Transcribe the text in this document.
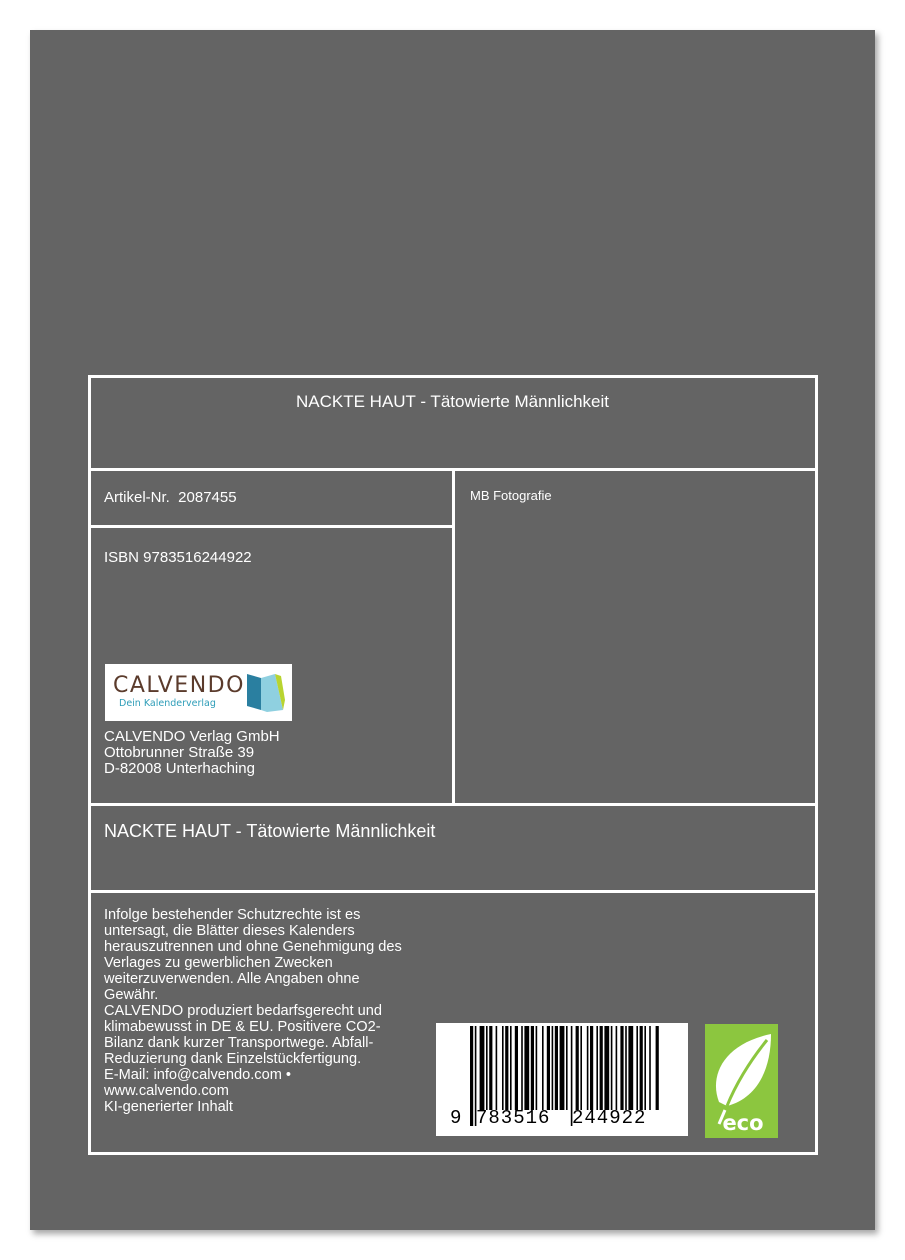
NACKTE HAUT - Tätowierte Männlichkeit
Artikel-Nr.  2087455	MB Fotografie
ISBN 9783516244922
CALVENDO
Dein Kalenderverlag
CALVENDO Verlag GmbH
Ottobrunner Straße 39
D-82008 Unterhaching
NACKTE HAUT - Tätowierte Männlichkeit
Infolge bestehender Schutzrechte ist es
untersagt, die Blätter dieses Kalenders
herauszutrennen und ohne Genehmigung des
Verlages zu gewerblichen Zwecken
weiterzuverwenden. Alle Angaben ohne
Gewähr.
CALVENDO produziert bedarfsgerecht und
klimabewusst in DE & EU. Positivere CO2-
Bilanz dank kurzer Transportwege. Abfall-
Reduzierung dank Einzelstückfertigung.
E-Mail: info@calvendo.com •
www.calvendo.com
KI-generierter Inhalt	9 783516 244922	eco
